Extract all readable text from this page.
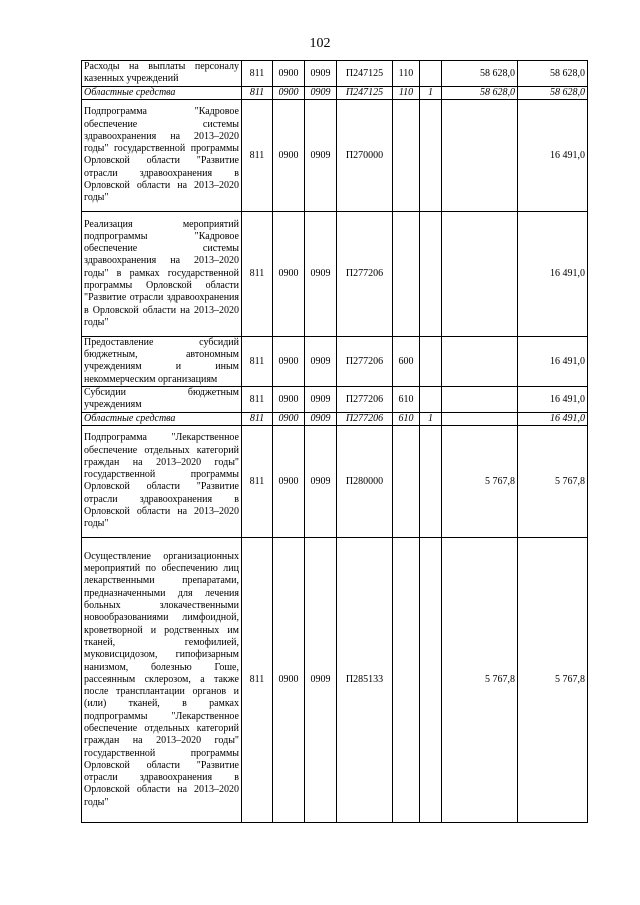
102
Расходы на выплаты персоналу казенных учреждений	811	0900	0909	П247125	110		58 628,0	58 628,0
Областные средства	811	0900	0909	П247125	110	1	58 628,0	58 628,0
Подпрограмма "Кадровое обеспечение системы здравоохранения на 2013–2020 годы" государственной программы Орловской области "Развитие отрасли здравоохранения в Орловской области на 2013–2020 годы"	811	0900	0909	П270000				16 491,0
Реализация мероприятий подпрограммы "Кадровое обеспечение системы здравоохранения на 2013–2020 годы" в рамках государственной программы Орловской области "Развитие отрасли здравоохранения в Орловской области на 2013–2020 годы"	811	0900	0909	П277206				16 491,0
Предоставление субсидий бюджетным, автономным учреждениям и иным некоммерческим организациям	811	0900	0909	П277206	600			16 491,0
Субсидии бюджетным учреждениям	811	0900	0909	П277206	610			16 491,0
Областные средства	811	0900	0909	П277206	610	1		16 491,0
Подпрограмма "Лекарственное обеспечение отдельных категорий граждан на 2013–2020 годы" государственной программы Орловской области "Развитие отрасли здравоохранения в Орловской области на 2013–2020 годы"	811	0900	0909	П280000			5 767,8	5 767,8
Осуществление организационных мероприятий по обеспечению лиц лекарственными препаратами, предназначенными для лечения больных злокачественными новообразованиями лимфоидной, кроветворной и родственных им тканей, гемофилией, муковисцидозом, гипофизарным нанизмом, болезнью Гоше, рассеянным склерозом, а также после трансплантации органов и (или) тканей, в рамках подпрограммы "Лекарственное обеспечение отдельных категорий граждан на 2013–2020 годы" государственной программы Орловской области "Развитие отрасли здравоохранения в Орловской области на 2013–2020 годы"	811	0900	0909	П285133			5 767,8	5 767,8
